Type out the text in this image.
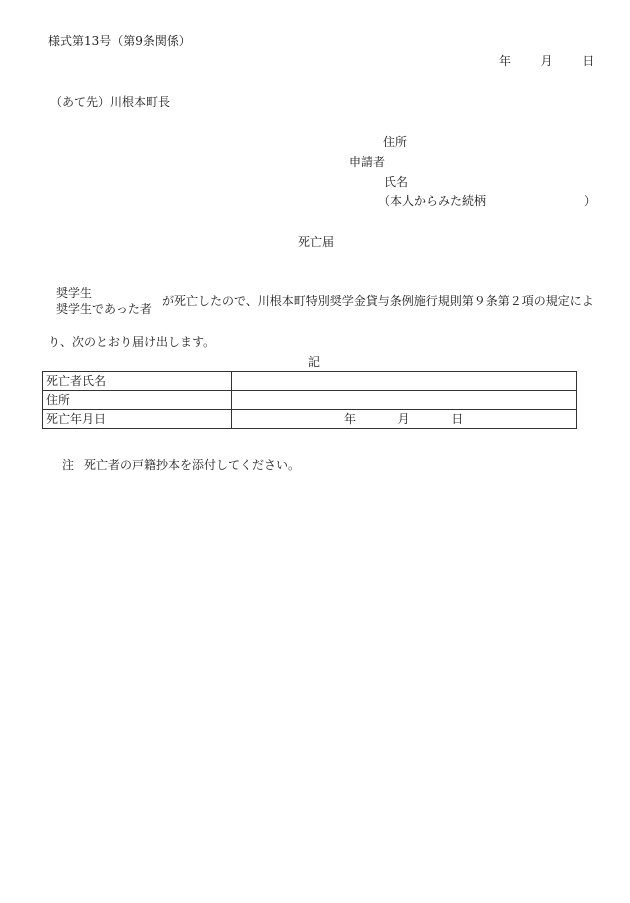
様式第13号（第9条関係）
年 月 日
（あて先）川根本町長
住所
申請者
氏名
（本人からみた続柄	）
死亡届
奨学生
奨学生であった者
が死亡したので、川根本町特別奨学金貸与条例施行規則第９条第２項の規定によ
り、次のとおり届け出します。
記
死亡者氏名	
住所	
死亡年月日	年 月 日
注 死亡者の戸籍抄本を添付してください。
